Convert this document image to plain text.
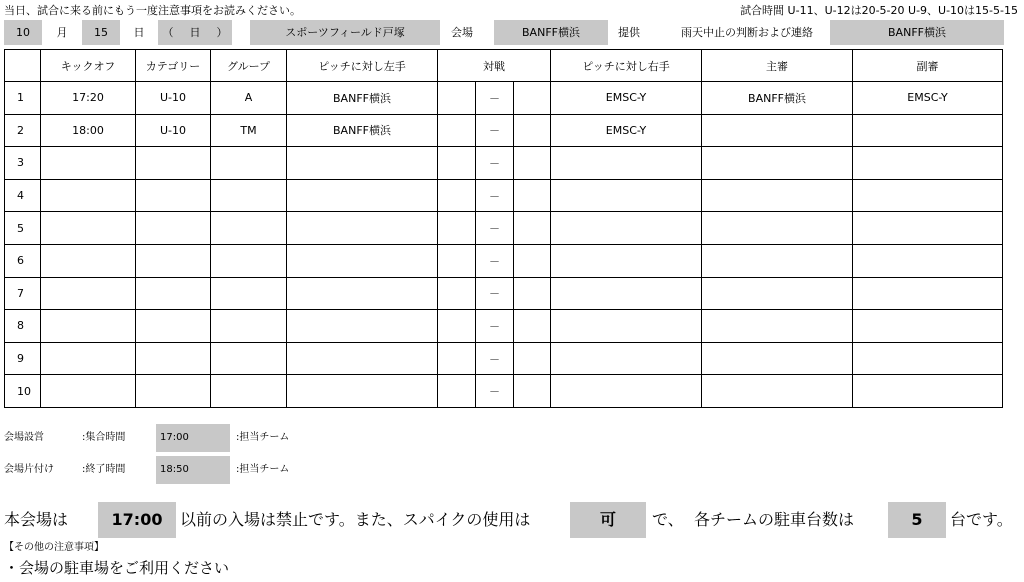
当日、試合に来る前にもう一度注意事項をお読みください。	試合時間 U-11、U-12は20-5-20 U-9、U-10は15-5-15
10	月	15	日	（	日	）	スポーツフィールド戸塚	会場	BANFF横浜	提供	雨天中止の判断および連絡	BANFF横浜
	キックオフ	カテゴリー	グループ	ピッチに対し左手	対戦			ピッチに対し右手	主審	副審
1	17:20	U-10	A	BANFF横浜		－		EMSC-Y	BANFF横浜	EMSC-Y
2	18:00	U-10	TM	BANFF横浜		－		EMSC-Y		
3						－				
4						－				
5						－				
6						－				
7						－				
8						－				
9						－				
10						－				
会場設営	:集合時間	17:00	:担当チーム
会場片付け	:終了時間	18:50	:担当チーム
本会場は	17:00	以前の入場は禁止です。また、スパイクの使用は	可	で、 各チームの駐車台数は	5	台です。
【その他の注意事項】
・会場の駐車場をご利用ください
